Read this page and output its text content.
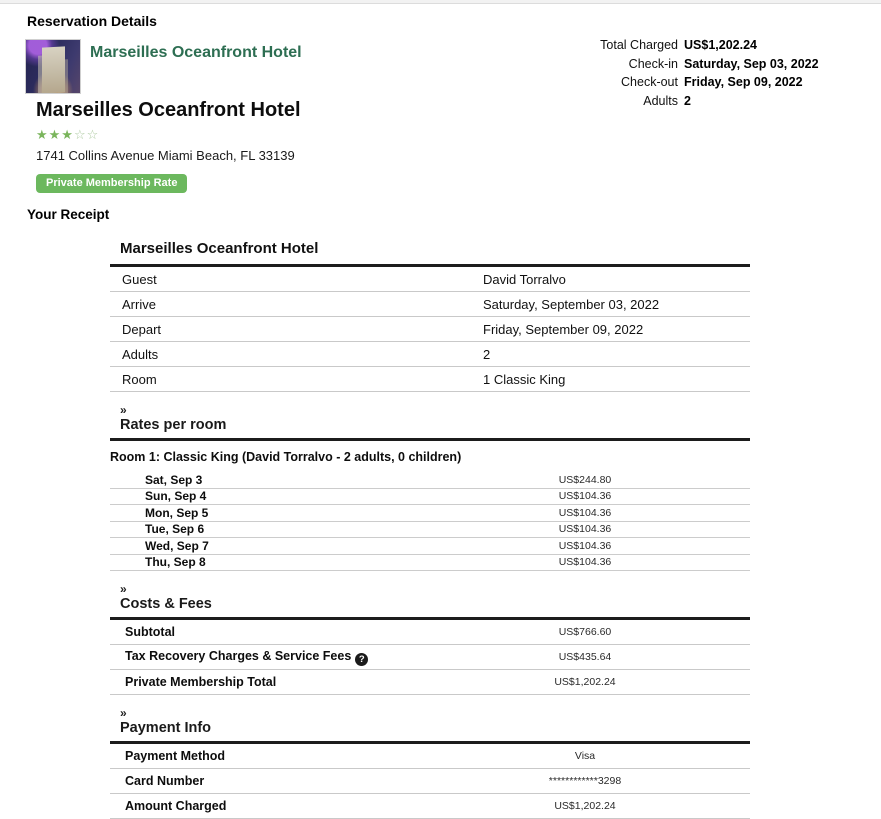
Reservation Details
Total Charged US$1,202.24
Check-in Saturday, Sep 03, 2022
Check-out Friday, Sep 09, 2022
Adults 2
Marseilles Oceanfront Hotel
Marseilles Oceanfront Hotel
★★★☆☆
1741 Collins Avenue Miami Beach, FL 33139
Private Membership Rate
Your Receipt
Marseilles Oceanfront Hotel
Guest	David Torralvo
Arrive	Saturday, September 03, 2022
Depart	Friday, September 09, 2022
Adults	2
Room	1 Classic King
»
Rates per room
Room 1: Classic King (David Torralvo - 2 adults, 0 children)
Sat, Sep 3	US$244.80
Sun, Sep 4	US$104.36
Mon, Sep 5	US$104.36
Tue, Sep 6	US$104.36
Wed, Sep 7	US$104.36
Thu, Sep 8	US$104.36
»
Costs & Fees
Subtotal	US$766.60
Tax Recovery Charges & Service Fees ?	US$435.64
Private Membership Total	US$1,202.24
»
Payment Info
Payment Method	Visa
Card Number	************3298
Amount Charged	US$1,202.24
